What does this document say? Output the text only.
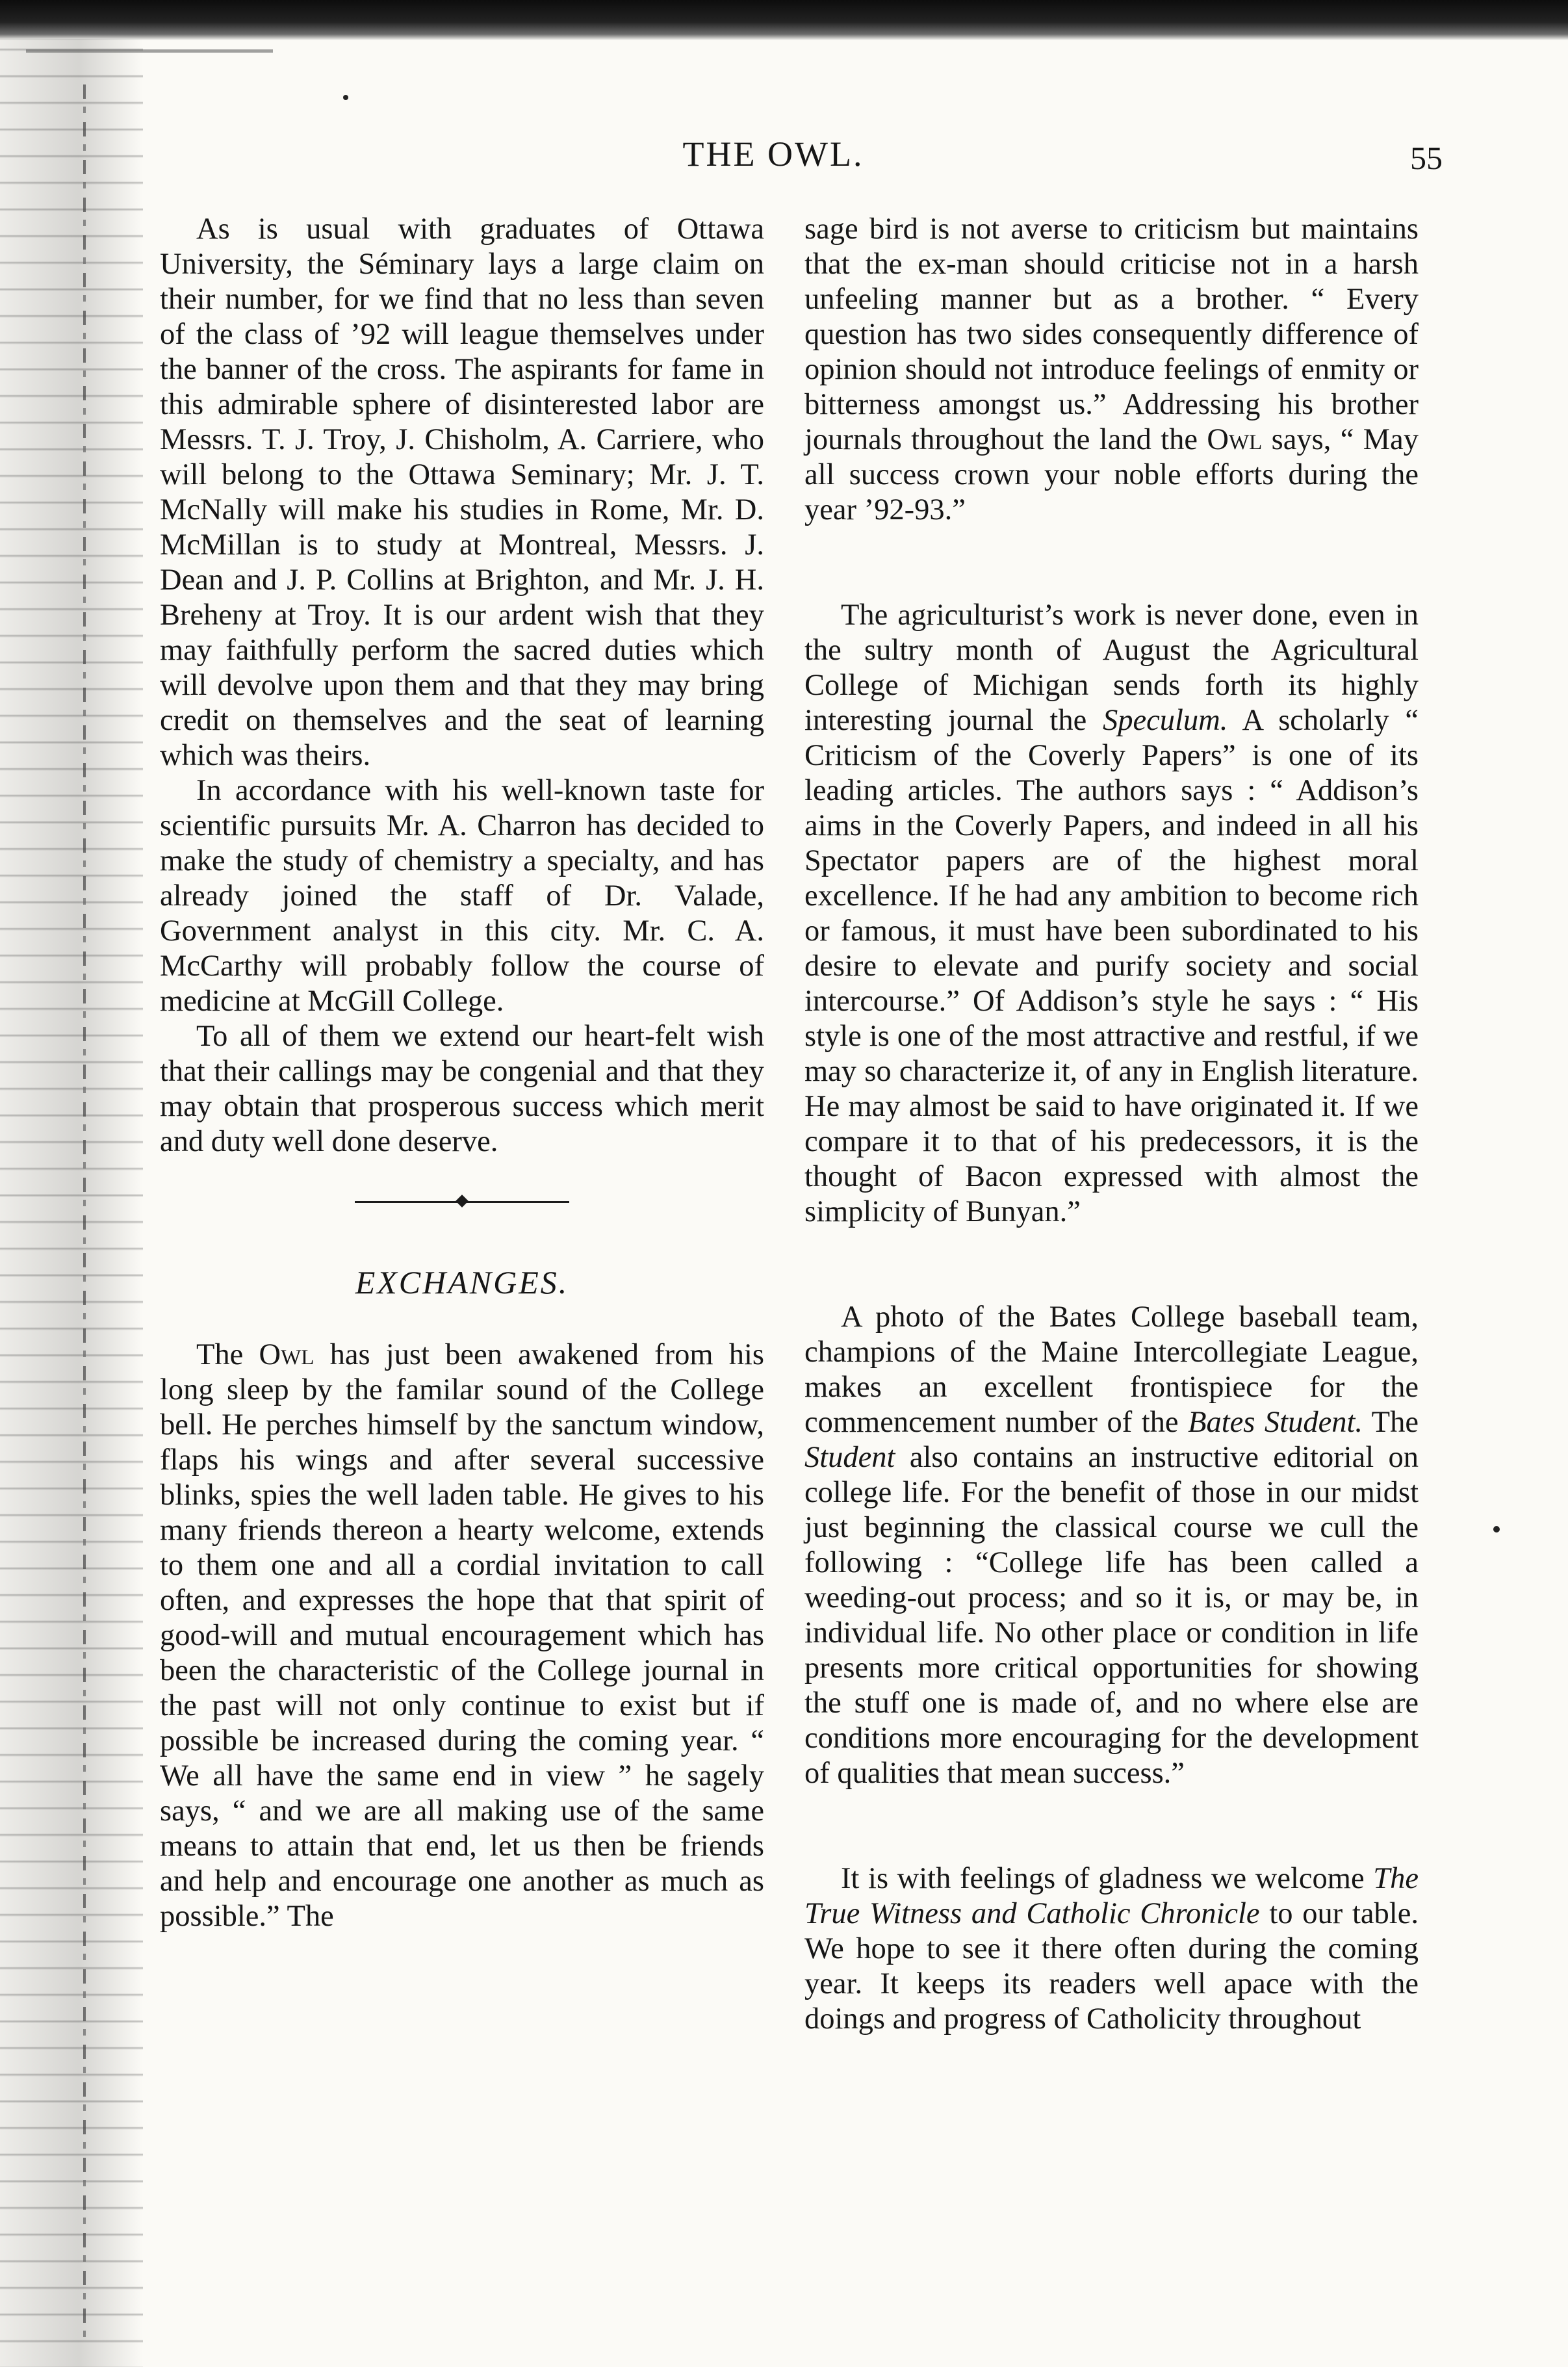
THE OWL.	55

As is usual with graduates of Ottawa University, the Séminary lays a large claim on their number, for we find that no less than seven of the class of ’92 will league themselves under the banner of the cross. The aspirants for fame in this admirable sphere of disinterested labor are Messrs. T. J. Troy, J. Chisholm, A. Carriere, who will belong to the Ottawa Seminary; Mr. J. T. McNally will make his studies in Rome, Mr. D. McMillan is to study at Montreal, Messrs. J. Dean and J. P. Collins at Brighton, and Mr. J. H. Breheny at Troy. It is our ardent wish that they may faithfully perform the sacred duties which will devolve upon them and that they may bring credit on themselves and the seat of learning which was theirs.

In accordance with his well-known taste for scientific pursuits Mr. A. Charron has decided to make the study of chemistry a specialty, and has already joined the staff of Dr. Valade, Government analyst in this city. Mr. C. A. McCarthy will probably follow the course of medicine at McGill College.

To all of them we extend our heart-felt wish that their callings may be congenial and that they may obtain that prosperous success which merit and duty well done deserve.

EXCHANGES.

The Owl has just been awakened from his long sleep by the familar sound of the College bell. He perches himself by the sanctum window, flaps his wings and after several successive blinks, spies the well laden table. He gives to his many friends thereon a hearty welcome, extends to them one and all a cordial invitation to call often, and expresses the hope that that spirit of good-will and mutual encouragement which has been the characteristic of the College journal in the past will not only continue to exist but if possible be increased during the coming year. “ We all have the same end in view ” he sagely says, “ and we are all making use of the same means to attain that end, let us then be friends and help and encourage one another as much as possible.” The

sage bird is not averse to criticism but maintains that the ex-man should criticise not in a harsh unfeeling manner but as a brother. “ Every question has two sides consequently difference of opinion should not introduce feelings of enmity or bitterness amongst us.” Addressing his brother journals throughout the land the Owl says, “ May all success crown your noble efforts during the year ’92-93.”

The agriculturist’s work is never done, even in the sultry month of August the Agricultural College of Michigan sends forth its highly interesting journal the Speculum. A scholarly “ Criticism of the Coverly Papers” is one of its leading articles. The authors says : “ Addison’s aims in the Coverly Papers, and indeed in all his Spectator papers are of the highest moral excellence. If he had any ambition to become rich or famous, it must have been subordinated to his desire to elevate and purify society and social intercourse.” Of Addison’s style he says : “ His style is one of the most attractive and restful, if we may so characterize it, of any in English literature. He may almost be said to have originated it. If we compare it to that of his predecessors, it is the thought of Bacon expressed with almost the simplicity of Bunyan.”

A photo of the Bates College baseball team, champions of the Maine Intercollegiate League, makes an excellent frontispiece for the commencement number of the Bates Student. The Student also contains an instructive editorial on college life. For the benefit of those in our midst just beginning the classical course we cull the following : “College life has been called a weeding-out process; and so it is, or may be, in individual life. No other place or condition in life presents more critical opportunities for showing the stuff one is made of, and no where else are conditions more encouraging for the development of qualities that mean success.”

It is with feelings of gladness we welcome The True Witness and Catholic Chronicle to our table. We hope to see it there often during the coming year. It keeps its readers well apace with the doings and progress of Catholicity throughout
